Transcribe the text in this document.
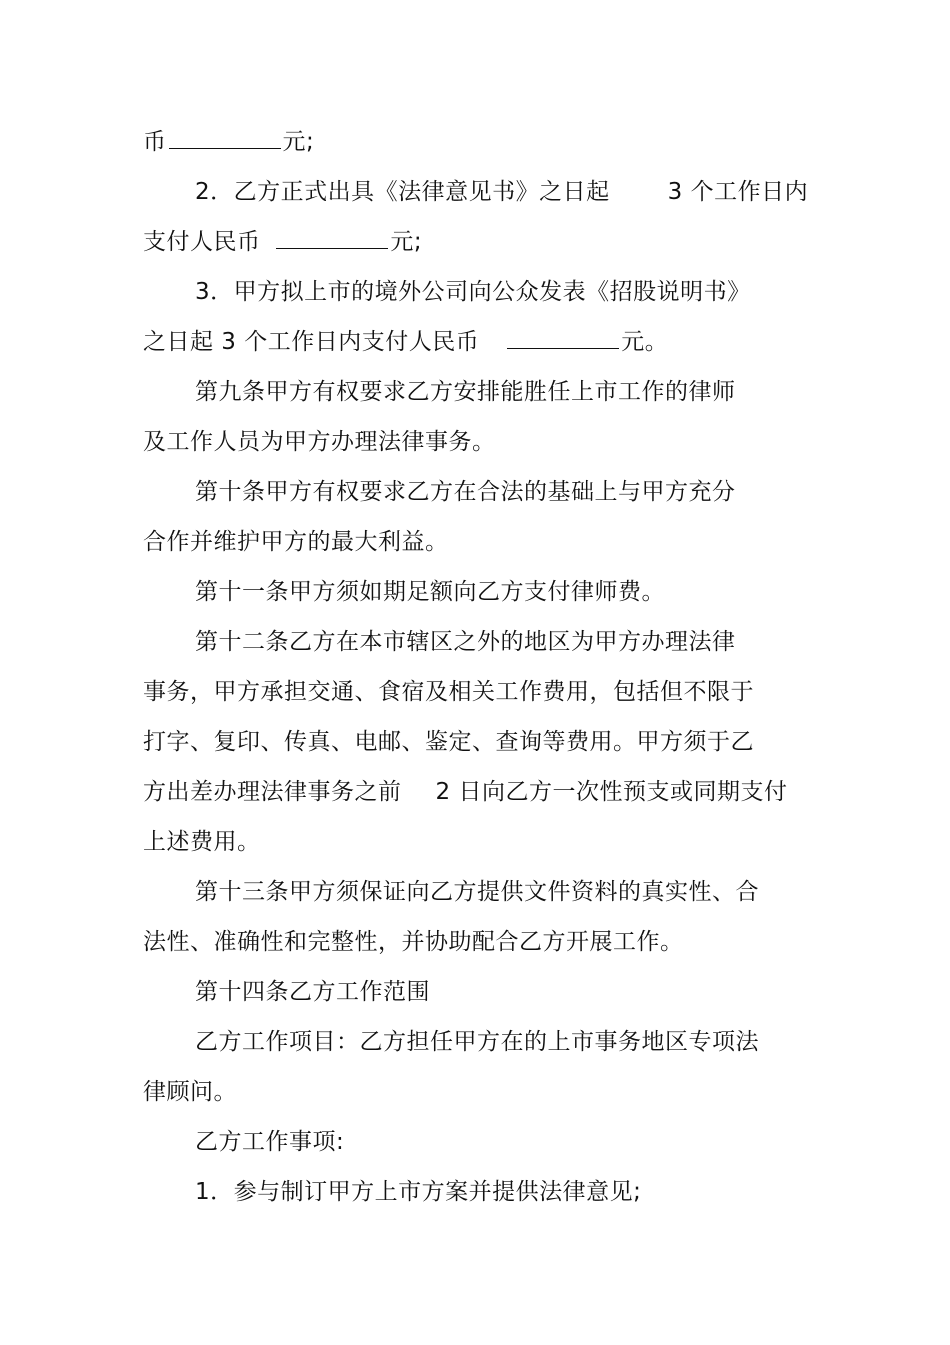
币	元;
2．乙方正式出具《法律意见书》之日起	3 个工作日内
支付人民币	元;
3．甲方拟上市的境外公司向公众发表《招股说明书》
之日起 3 个工作日内支付人民币	元。
第九条甲方有权要求乙方安排能胜任上市工作的律师
及工作人员为甲方办理法律事务。
第十条甲方有权要求乙方在合法的基础上与甲方充分
合作并维护甲方的最大利益。
第十一条甲方须如期足额向乙方支付律师费。
第十二条乙方在本市辖区之外的地区为甲方办理法律
事务，甲方承担交通、食宿及相关工作费用，包括但不限于
打字、复印、传真、电邮、鉴定、查询等费用。甲方须于乙
方出差办理法律事务之前 2 日向乙方一次性预支或同期支付
上述费用。
第十三条甲方须保证向乙方提供文件资料的真实性、合
法性、准确性和完整性，并协助配合乙方开展工作。
第十四条乙方工作范围
乙方工作项目：乙方担任甲方在的上市事务地区专项法
律顾问。
乙方工作事项:
1．参与制订甲方上市方案并提供法律意见;
